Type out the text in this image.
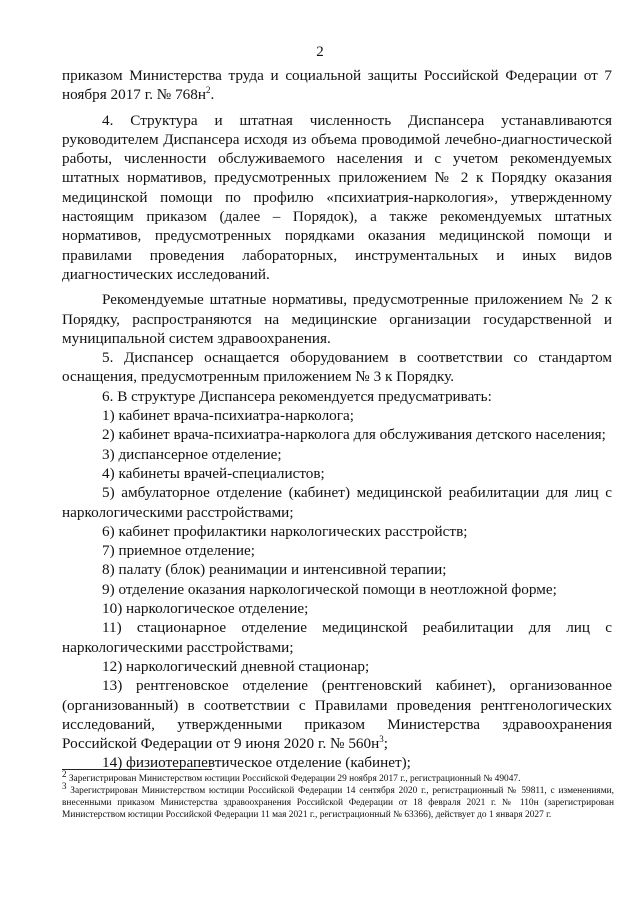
2

приказом Министерства труда и социальной защиты Российской Федерации от 7 ноября 2017 г. № $768н^2$.

4. Структура и штатная численность Диспансера устанавливаются руководителем Диспансера исходя из объема проводимой лечебно-диагностической работы, численности обслуживаемого населения и с учетом рекомендуемых штатных нормативов, предусмотренных приложением № 2 к Порядку оказания медицинской помощи по профилю «психиатрия-наркология», утвержденному настоящим приказом (далее – Порядок), а также рекомендуемых штатных нормативов, предусмотренных порядками оказания медицинской помощи и правилами проведения лабораторных, инструментальных и иных видов диагностических исследований.

Рекомендуемые штатные нормативы, предусмотренные приложением № 2 к Порядку, распространяются на медицинские организации государственной и муниципальной систем здравоохранения.

5. Диспансер оснащается оборудованием в соответствии со стандартом оснащения, предусмотренным приложением № 3 к Порядку.

6. В структуре Диспансера рекомендуется предусматривать:

1) кабинет врача-психиатра-нарколога;

2) кабинет врача-психиатра-нарколога для обслуживания детского населения;

3) диспансерное отделение;

4) кабинеты врачей-специалистов;

5) амбулаторное отделение (кабинет) медицинской реабилитации для лиц с наркологическими расстройствами;

6) кабинет профилактики наркологических расстройств;

7) приемное отделение;

8) палату (блок) реанимации и интенсивной терапии;

9) отделение оказания наркологической помощи в неотложной форме;

10) наркологическое отделение;

11) стационарное отделение медицинской реабилитации для лиц с наркологическими расстройствами;

12) наркологический дневной стационар;

13) рентгеновское отделение (рентгеновский кабинет), организованное (организованный) в соответствии с Правилами проведения рентгенологических исследований, утвержденными приказом Министерства здравоохранения Российской Федерации от 9 июня 2020 г. № $560н^3$;

14) физиотерапевтическое отделение (кабинет);

$^2$ Зарегистрирован Министерством юстиции Российской Федерации 29 ноября 2017 г., регистрационный № 49047.

$^3$ Зарегистрирован Министерством юстиции Российской Федерации 14 сентября 2020 г., регистрационный № 59811, с изменениями, внесенными приказом Министерства здравоохранения Российской Федерации от 18 февраля 2021 г. № 110н (зарегистрирован Министерством юстиции Российской Федерации 11 мая 2021 г., регистрационный № 63366), действует до 1 января 2027 г.
